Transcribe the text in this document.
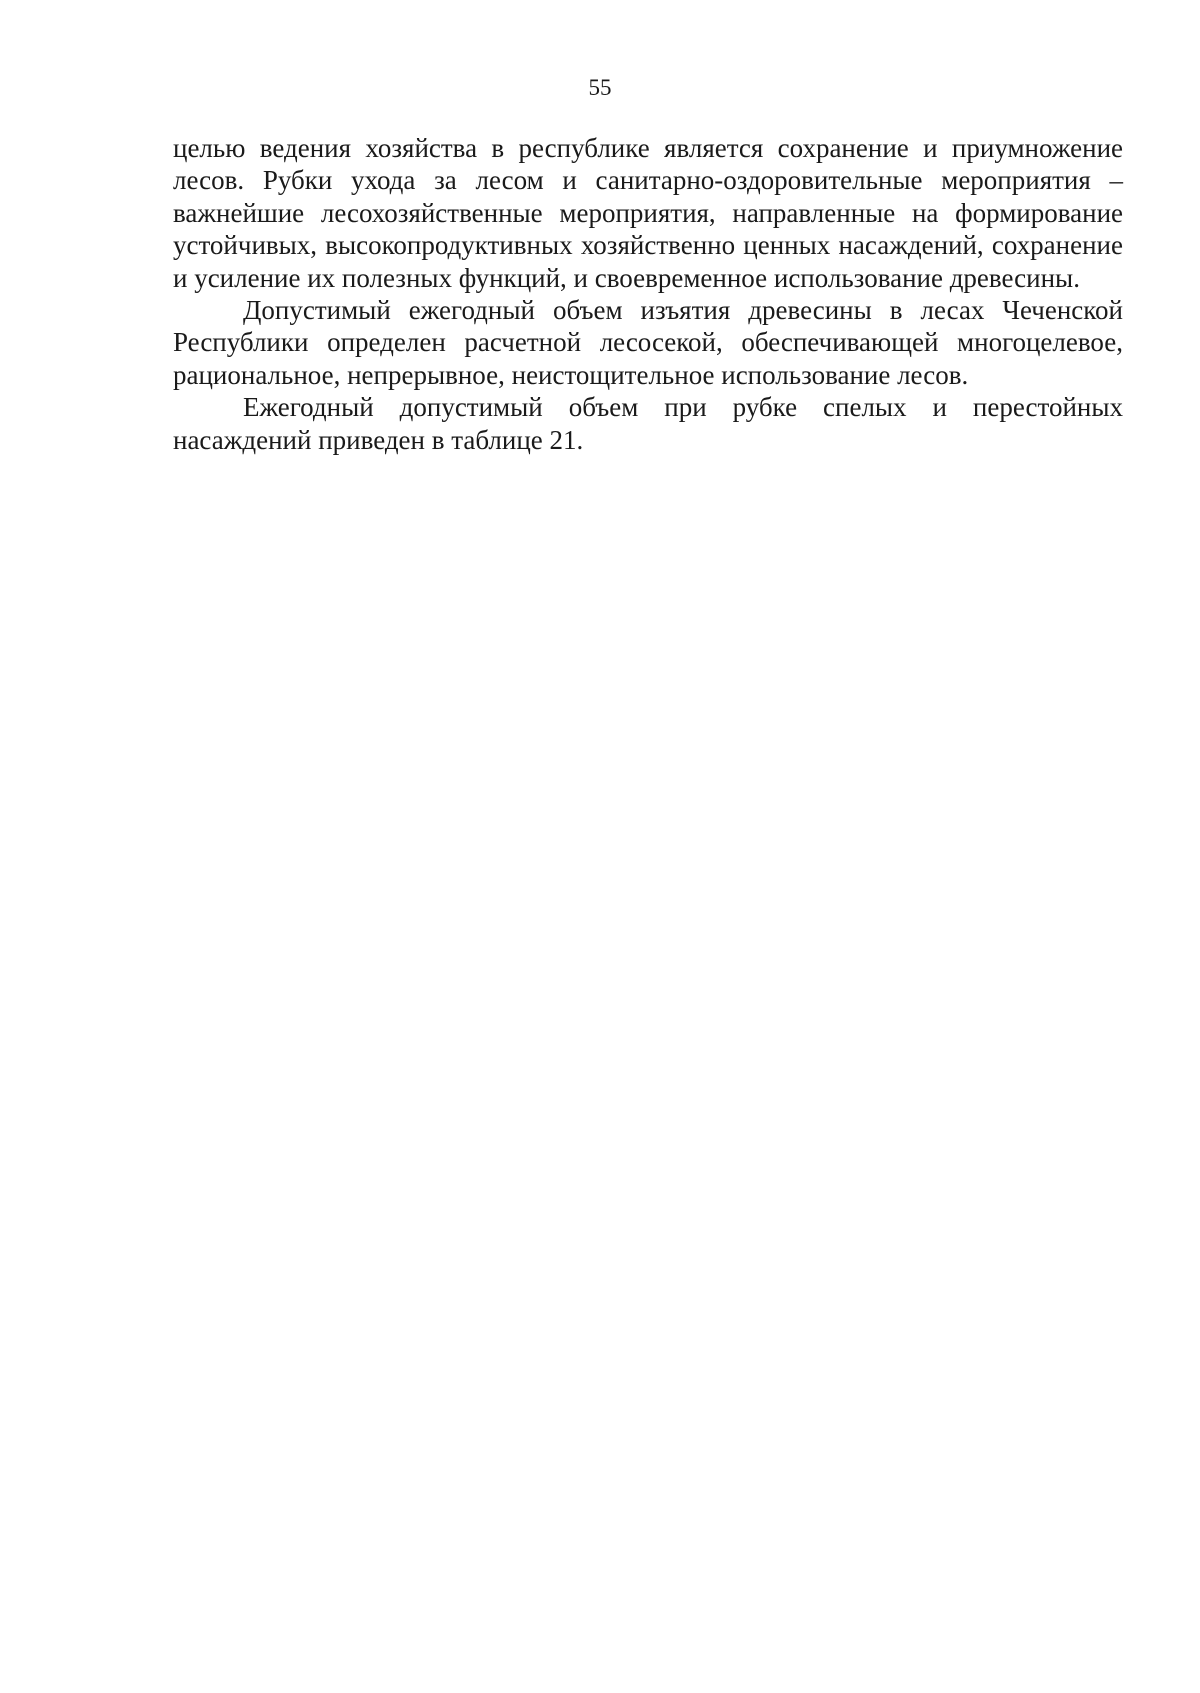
55

целью ведения хозяйства в республике является сохранение и приумножение лесов. Рубки ухода за лесом и санитарно-оздоровительные мероприятия – важнейшие лесохозяйственные мероприятия, направленные на формирование устойчивых, высокопродуктивных хозяйственно ценных насаждений, сохранение и усиление их полезных функций, и своевременное использование древесины.

Допустимый ежегодный объем изъятия древесины в лесах Чеченской Республики определен расчетной лесосекой, обеспечивающей многоцелевое, рациональное, непрерывное, неистощительное использование лесов.

Ежегодный допустимый объем при рубке спелых и перестойных насаждений приведен в таблице 21.
